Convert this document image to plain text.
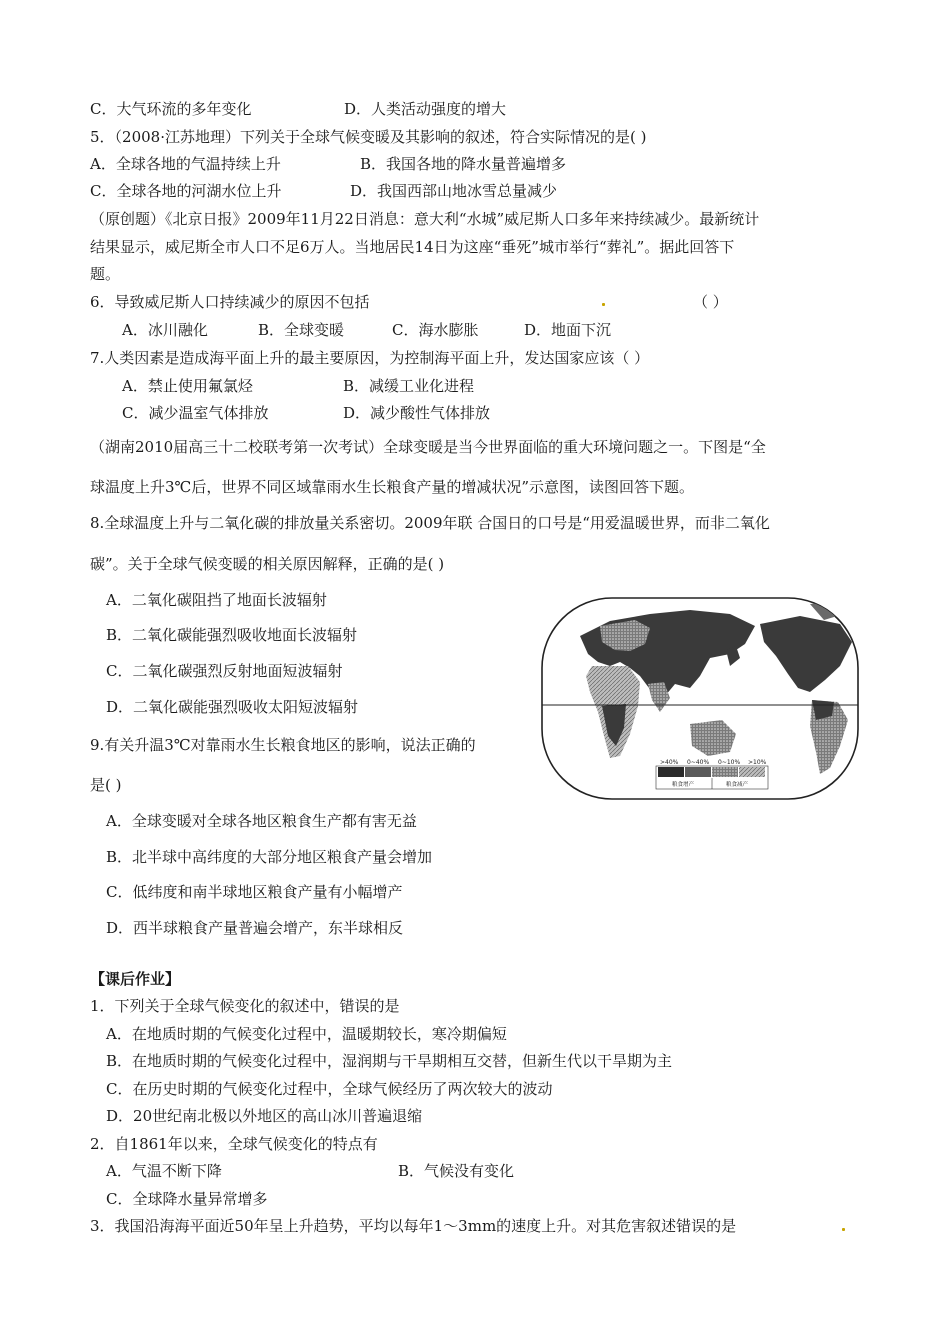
C．大气环流的多年变化	D．人类活动强度的增大
5．（2008·江苏地理）下列关于全球气候变暖及其影响的叙述，符合实际情况的是( )
A．全球各地的气温持续上升	B．我国各地的降水量普遍增多
C．全球各地的河湖水位上升	D．我国西部山地冰雪总量减少
（原创题）《北京日报》2009年11月22日消息：意大利“水城”威尼斯人口多年来持续减少。最新统计
结果显示，威尼斯全市人口不足6万人。当地居民14日为这座“垂死”城市举行“葬礼”。据此回答下
题。
6．导致威尼斯人口持续减少的原因不包括	（ ）
A．冰川融化	B．全球变暖	C．海水膨胀	D．地面下沉
7.人类因素是造成海平面上升的最主要原因，为控制海平面上升，发达国家应该（ ）
A．禁止使用氟氯烃	B．减缓工业化进程
C．减少温室气体排放	D．减少酸性气体排放
（湖南2010届高三十二校联考第一次考试）全球变暖是当今世界面临的重大环境问题之一。下图是“全
球温度上升3℃后，世界不同区域靠雨水生长粮食产量的增减状况”示意图，读图回答下题。
8.全球温度上升与二氧化碳的排放量关系密切。2009年联 合国日的口号是“用爱温暖世界，而非二氧化
碳”。关于全球气候变暖的相关原因解释，正确的是( )
A．二氧化碳阻挡了地面长波辐射
B．二氧化碳能强烈吸收地面长波辐射
C．二氧化碳强烈反射地面短波辐射
D．二氧化碳能强烈吸收太阳短波辐射
9.有关升温3℃对靠雨水生长粮食地区的影响，说法正确的
是( )
A．全球变暖对全球各地区粮食生产都有害无益
B．北半球中高纬度的大部分地区粮食产量会增加
C．低纬度和南半球地区粮食产量有小幅增产
D．西半球粮食产量普遍会增产，东半球相反
【课后作业】
1．下列关于全球气候变化的叙述中，错误的是
A．在地质时期的气候变化过程中，温暖期较长，寒冷期偏短
B．在地质时期的气候变化过程中，湿润期与干旱期相互交替，但新生代以干旱期为主
C．在历史时期的气候变化过程中，全球气候经历了两次较大的波动
D．20世纪南北极以外地区的高山冰川普遍退缩
2．自1861年以来，全球气候变化的特点有
A．气温不断下降	B．气候没有变化
C．全球降水量异常增多
3．我国沿海海平面近50年呈上升趋势，平均以每年1～3mm的速度上升。对其危害叙述错误的是
>40% 0~40% 0~10% >10%
粮食增产	粮食减产
